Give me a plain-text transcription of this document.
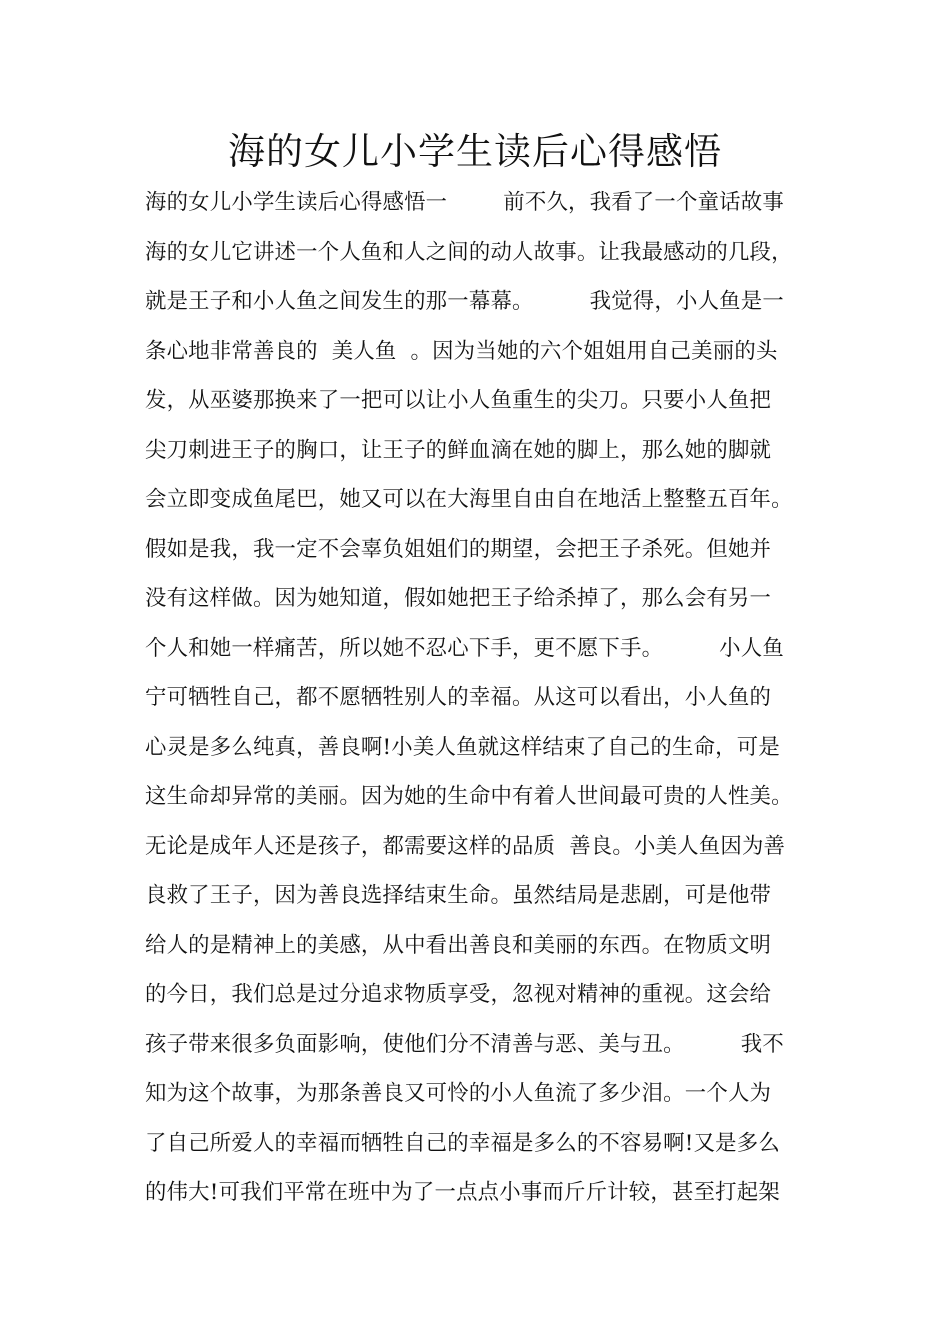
海的女儿小学生读后心得感悟
海的女儿小学生读后心得感悟一        前不久，我看了一个童话故事
海的女儿它讲述一个人鱼和人之间的动人故事。让我最感动的几段，
就是王子和小人鱼之间发生的那一幕幕。        我觉得，小人鱼是一
条心地非常善良的  美人鱼  。因为当她的六个姐姐用自己美丽的头
发，从巫婆那换来了一把可以让小人鱼重生的尖刀。只要小人鱼把
尖刀刺进王子的胸口，让王子的鲜血滴在她的脚上，那么她的脚就
会立即变成鱼尾巴，她又可以在大海里自由自在地活上整整五百年。
假如是我，我一定不会辜负姐姐们的期望，会把王子杀死。但她并
没有这样做。因为她知道，假如她把王子给杀掉了，那么会有另一
个人和她一样痛苦，所以她不忍心下手，更不愿下手。        小人鱼
宁可牺牲自己，都不愿牺牲别人的幸福。从这可以看出，小人鱼的
心灵是多么纯真，善良啊!小美人鱼就这样结束了自己的生命，可是
这生命却异常的美丽。因为她的生命中有着人世间最可贵的人性美。
无论是成年人还是孩子，都需要这样的品质  善良。小美人鱼因为善
良救了王子，因为善良选择结束生命。虽然结局是悲剧，可是他带
给人的是精神上的美感，从中看出善良和美丽的东西。在物质文明
的今日，我们总是过分追求物质享受，忽视对精神的重视。这会给
孩子带来很多负面影响，使他们分不清善与恶、美与丑。        我不
知为这个故事，为那条善良又可怜的小人鱼流了多少泪。一个人为
了自己所爱人的幸福而牺牲自己的幸福是多么的不容易啊!又是多么
的伟大!可我们平常在班中为了一点点小事而斤斤计较，甚至打起架
